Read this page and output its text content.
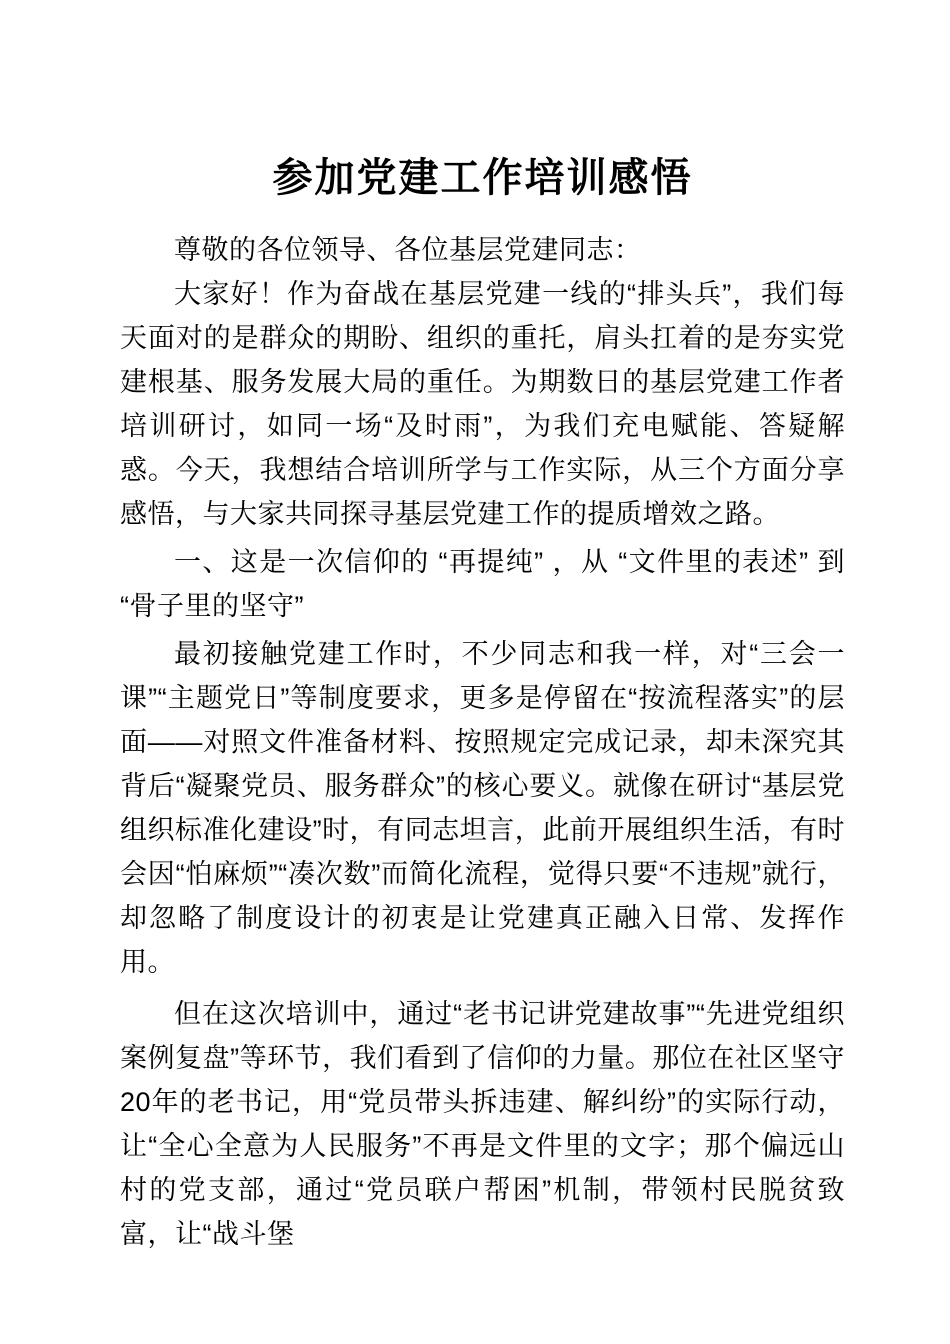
参加党建工作培训感悟

尊敬的各位领导、各位基层党建同志：

大家好！作为奋战在基层党建一线的“排头兵”，我们每天面对的是群众的期盼、组织的重托，肩头扛着的是夯实党建根基、服务发展大局的重任。为期数日的基层党建工作者培训研讨，如同一场“及时雨”，为我们充电赋能、答疑解惑。今天，我想结合培训所学与工作实际，从三个方面分享感悟，与大家共同探寻基层党建工作的提质增效之路。

一、这是一次信仰的 “再提纯” ，从 “文件里的表述” 到 “骨子里的坚守”

最初接触党建工作时，不少同志和我一样，对“三会一课”“主题党日”等制度要求，更多是停留在“按流程落实”的层面——对照文件准备材料、按照规定完成记录，却未深究其背后“凝聚党员、服务群众”的核心要义。就像在研讨“基层党组织标准化建设”时，有同志坦言，此前开展组织生活，有时会因“怕麻烦”“凑次数”而简化流程，觉得只要“不违规”就行，却忽略了制度设计的初衷是让党建真正融入日常、发挥作用。

但在这次培训中，通过“老书记讲党建故事”“先进党组织案例复盘”等环节，我们看到了信仰的力量。那位在社区坚守20年的老书记，用“党员带头拆违建、解纠纷”的实际行动，让“全心全意为人民服务”不再是文件里的文字；那个偏远山村的党支部，通过“党员联户帮困”机制，带领村民脱贫致富，让“战斗堡
